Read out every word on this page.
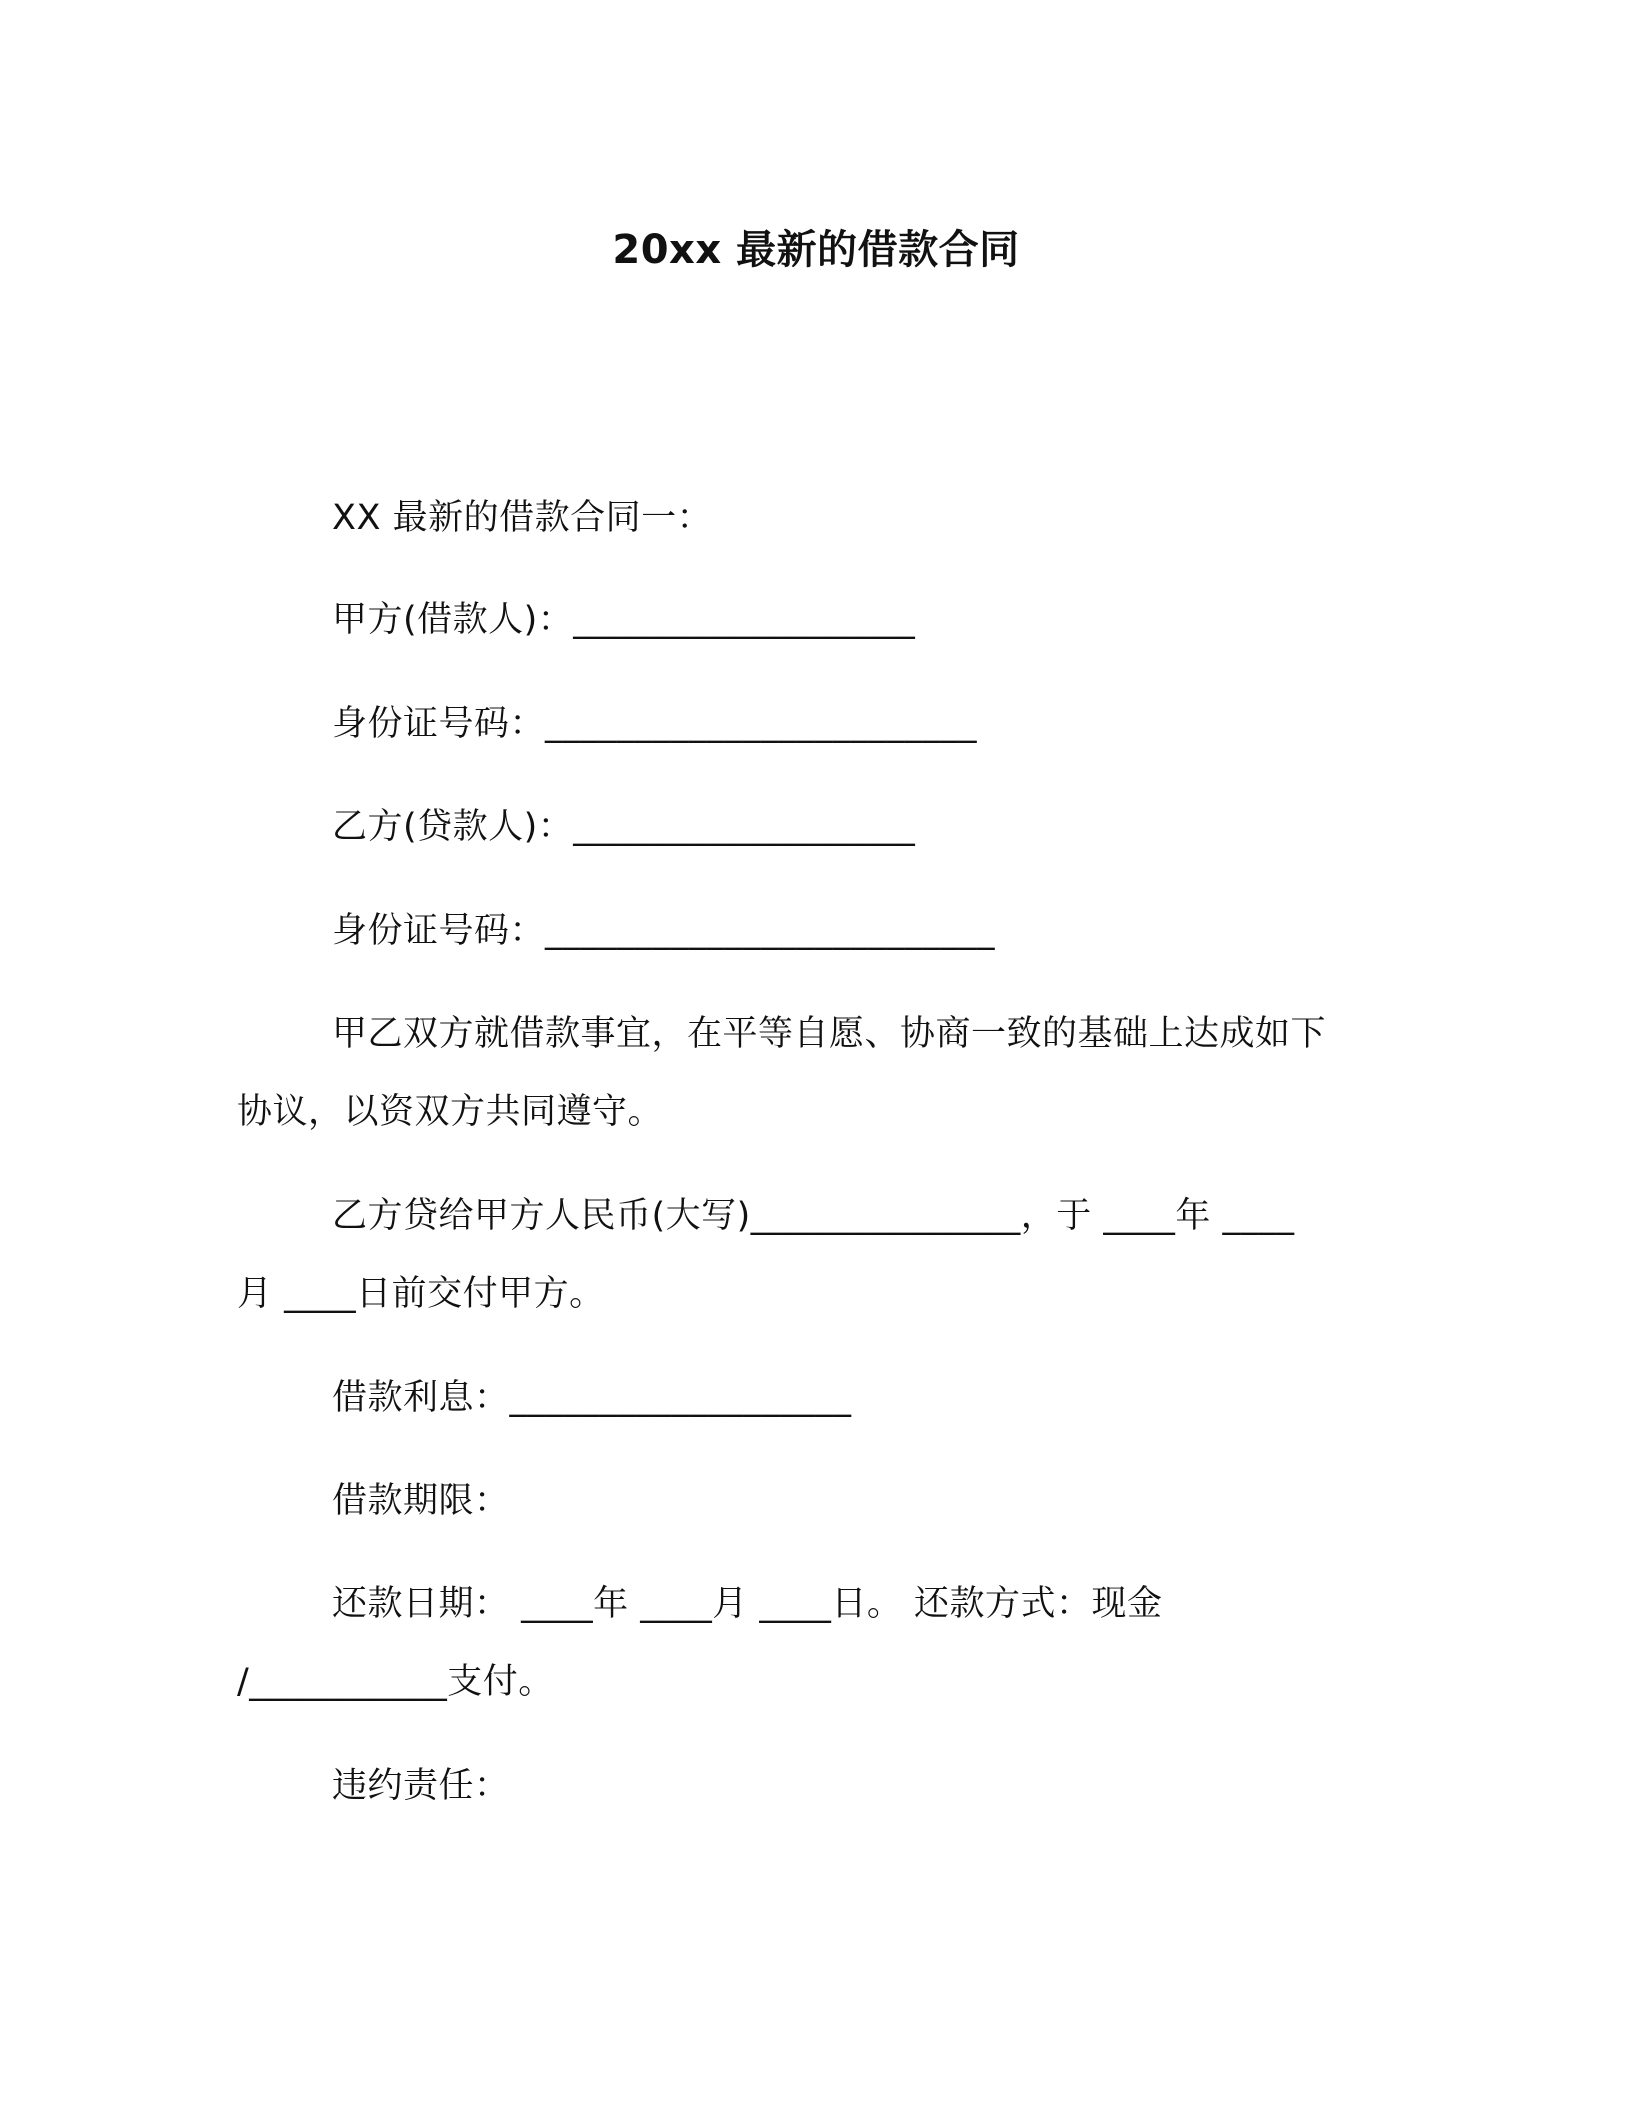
20xx 最新的借款合同
XX 最新的借款合同一：
甲方(借款人)：___________________
身份证号码：________________________
乙方(贷款人)：___________________
身份证号码：_________________________
甲乙双方就借款事宜，在平等自愿、协商一致的基础上达成如下
协议，以资双方共同遵守。
乙方贷给甲方人民币(大写)_______________，于 ____年 ____
月 ____日前交付甲方。
借款利息：___________________
借款期限：
还款日期： ____年 ____月 ____日。 还款方式：现金
/___________支付。
违约责任：
